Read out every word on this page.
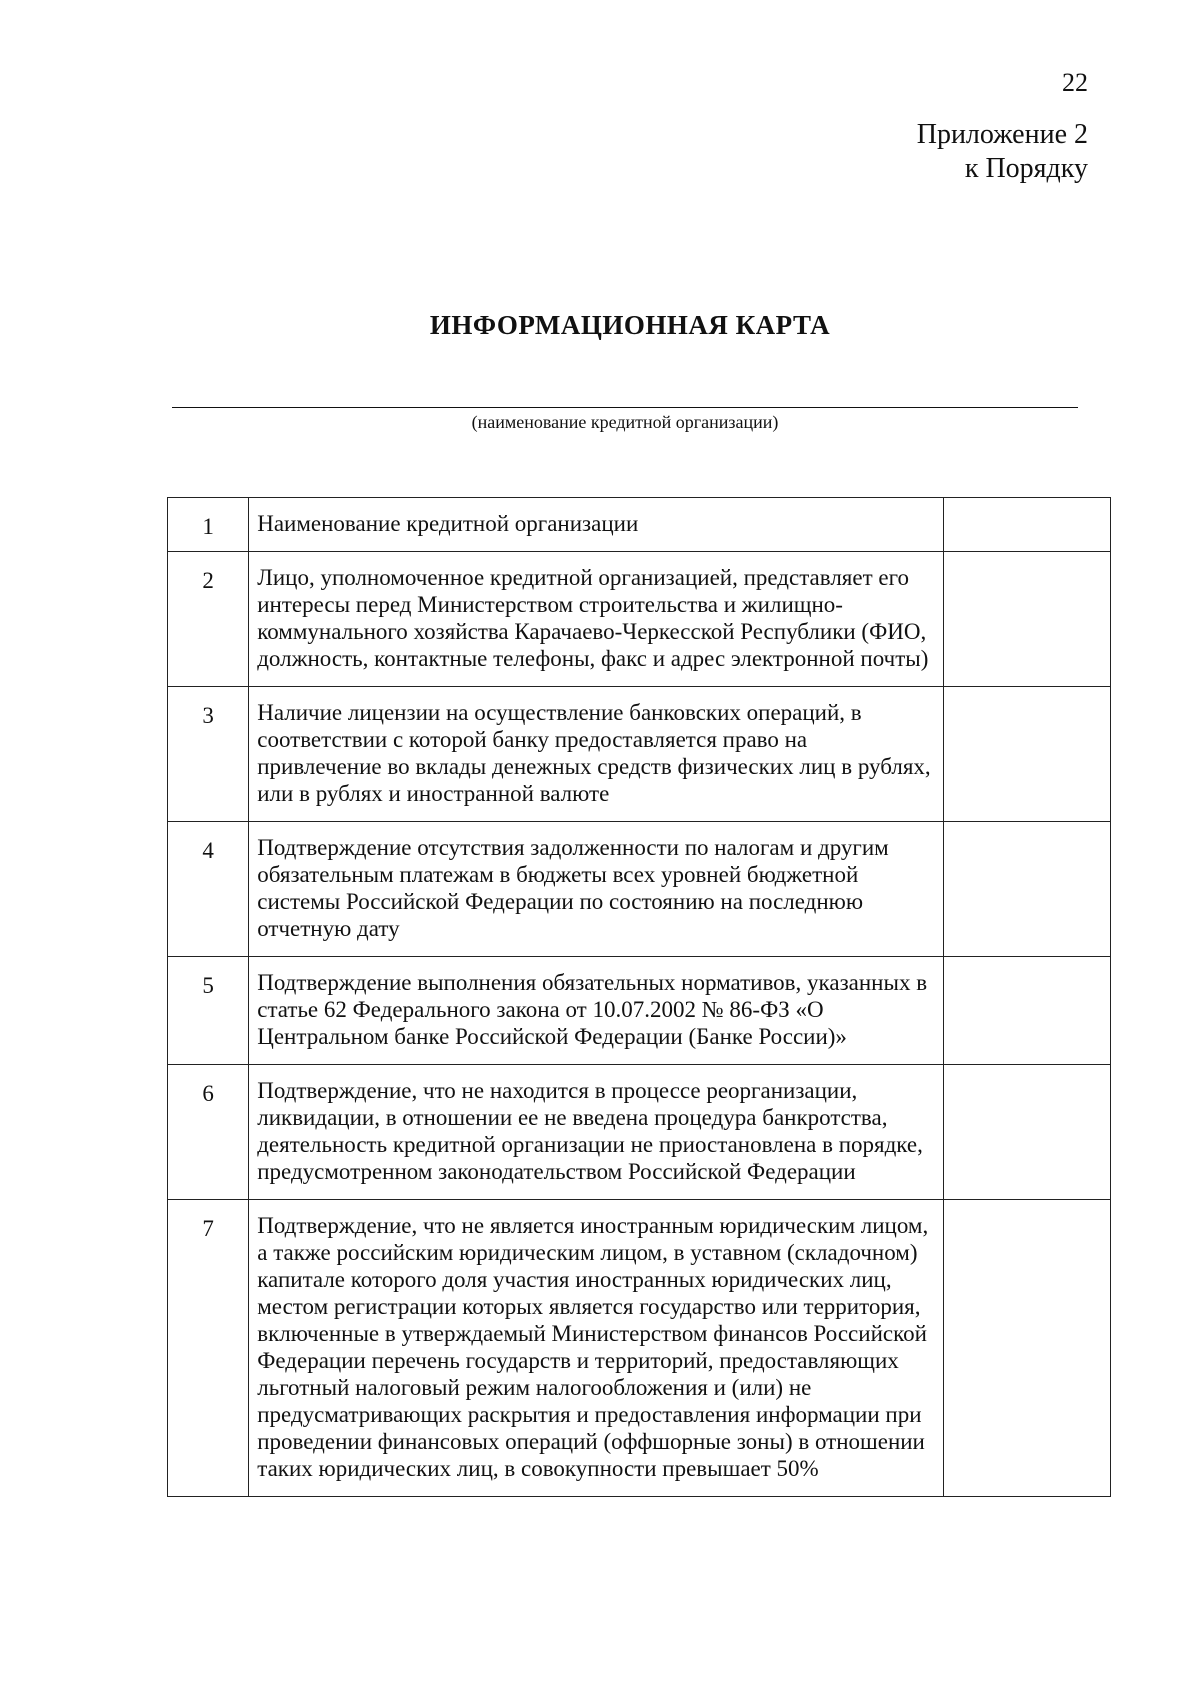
22
Приложение 2
к Порядку
ИНФОРМАЦИОННАЯ КАРТА
(наименование кредитной организации)
1	Наименование кредитной организации	
2	Лицо, уполномоченное кредитной организацией, представляет его интересы перед Министерством строительства и жилищно-коммунального хозяйства Карачаево-Черкесской Республики (ФИО, должность, контактные телефоны, факс и адрес электронной почты)	
3	Наличие лицензии на осуществление банковских операций, в соответствии с которой банку предоставляется право на привлечение во вклады денежных средств физических лиц в рублях, или в рублях и иностранной валюте	
4	Подтверждение отсутствия задолженности по налогам и другим обязательным платежам в бюджеты всех уровней бюджетной системы Российской Федерации по состоянию на последнюю отчетную дату	
5	Подтверждение выполнения обязательных нормативов, указанных в статье 62 Федерального закона от 10.07.2002 № 86-ФЗ «О Центральном банке Российской Федерации (Банке России)»	
6	Подтверждение, что не находится в процессе реорганизации, ликвидации, в отношении ее не введена процедура банкротства, деятельность кредитной организации не приостановлена в порядке, предусмотренном законодательством Российской Федерации	
7	Подтверждение, что не является иностранным юридическим лицом, а также российским юридическим лицом, в уставном (складочном) капитале которого доля участия иностранных юридических лиц, местом регистрации которых является государство или территория, включенные в утверждаемый Министерством финансов Российской Федерации перечень государств и территорий, предоставляющих льготный налоговый режим налогообложения и (или) не предусматривающих раскрытия и предоставления информации при проведении финансовых операций (оффшорные зоны) в отношении таких юридических лиц, в совокупности превышает 50%	
